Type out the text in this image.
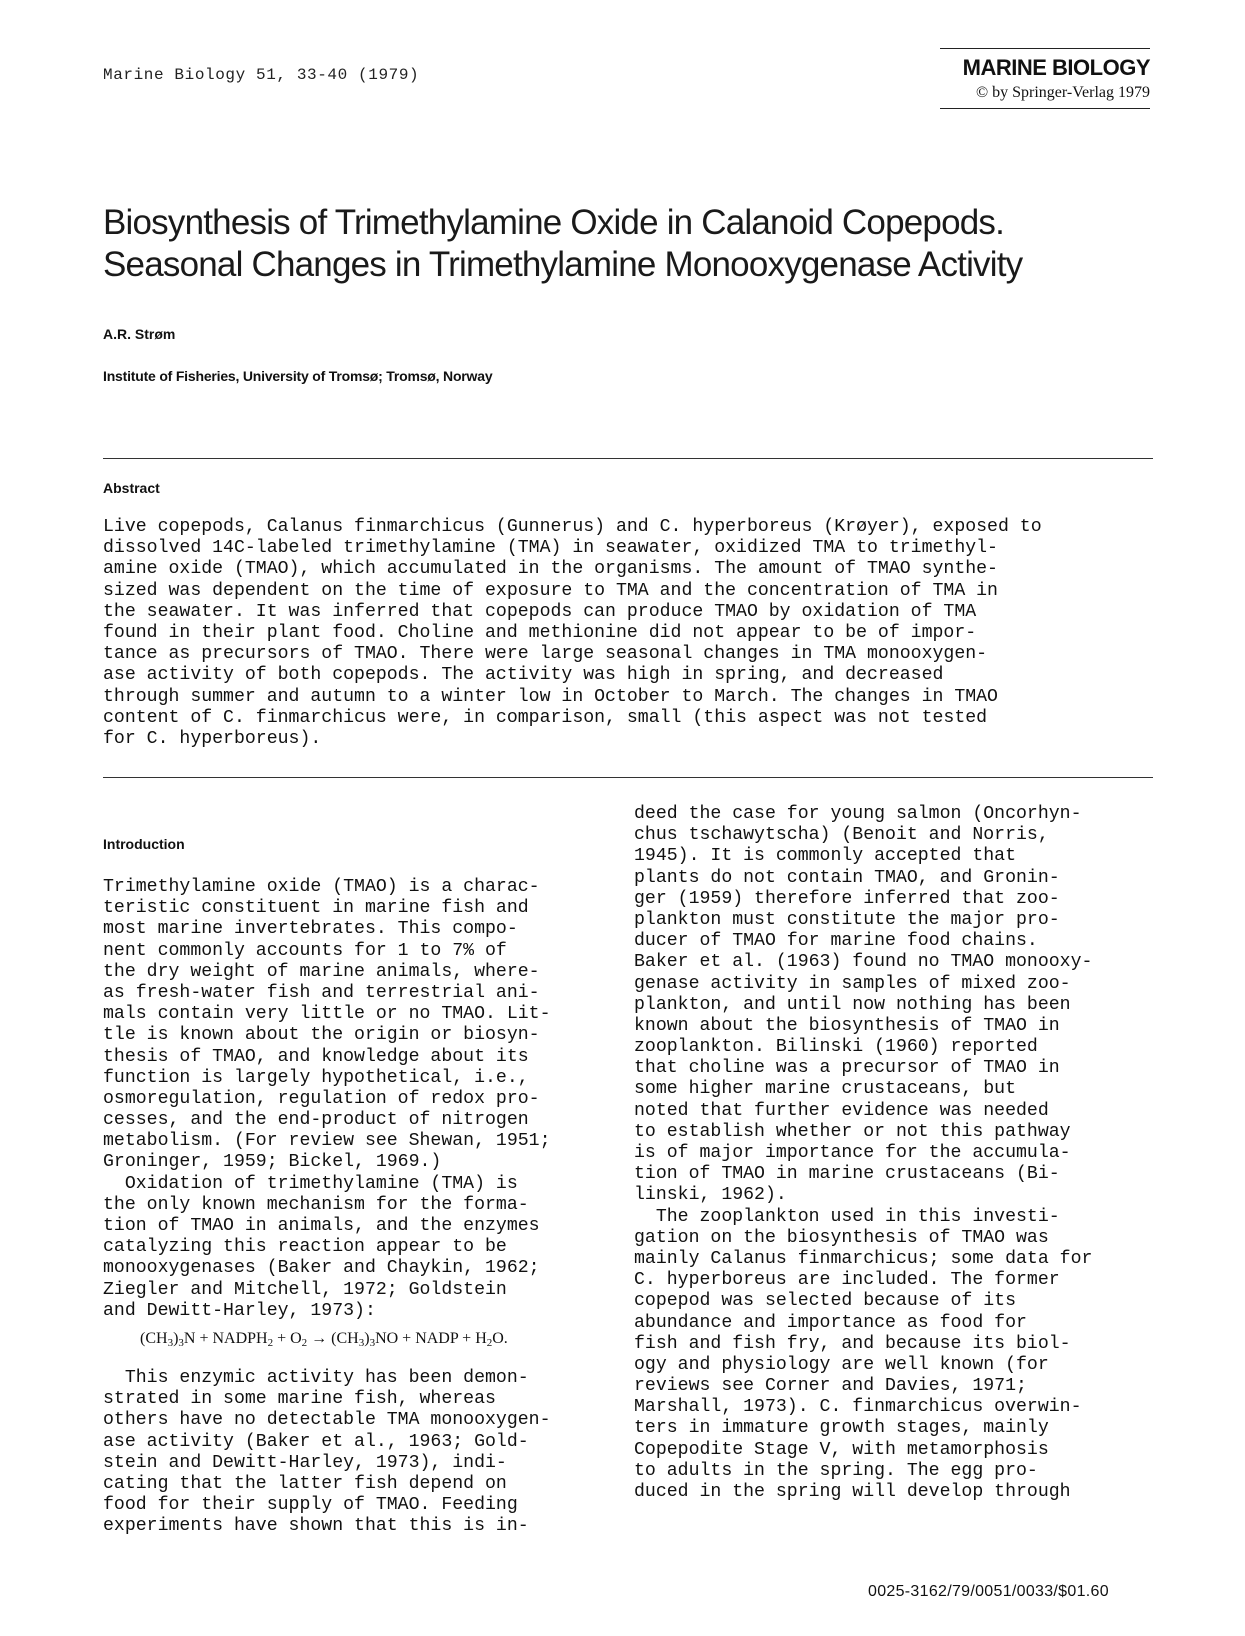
Marine Biology 51, 33-40 (1979)	MARINE BIOLOGY
© by Springer-Verlag 1979
Biosynthesis of Trimethylamine Oxide in Calanoid Copepods.
Seasonal Changes in Trimethylamine Monooxygenase Activity
A.R. Strøm
Institute of Fisheries, University of Tromsø; Tromsø, Norway
Abstract
Live copepods, Calanus finmarchicus (Gunnerus) and C. hyperboreus (Krøyer), exposed to
dissolved 14C-labeled trimethylamine (TMA) in seawater, oxidized TMA to trimethyl-
amine oxide (TMAO), which accumulated in the organisms. The amount of TMAO synthe-
sized was dependent on the time of exposure to TMA and the concentration of TMA in
the seawater. It was inferred that copepods can produce TMAO by oxidation of TMA
found in their plant food. Choline and methionine did not appear to be of impor-
tance as precursors of TMAO. There were large seasonal changes in TMA monooxygen-
ase activity of both copepods. The activity was high in spring, and decreased
through summer and autumn to a winter low in October to March. The changes in TMAO
content of C. finmarchicus were, in comparison, small (this aspect was not tested
for C. hyperboreus).
Introduction
Trimethylamine oxide (TMAO) is a charac-
teristic constituent in marine fish and
most marine invertebrates. This compo-
nent commonly accounts for 1 to 7% of
the dry weight of marine animals, where-
as fresh-water fish and terrestrial ani-
mals contain very little or no TMAO. Lit-
tle is known about the origin or biosyn-
thesis of TMAO, and knowledge about its
function is largely hypothetical, i.e.,
osmoregulation, regulation of redox pro-
cesses, and the end-product of nitrogen
metabolism. (For review see Shewan, 1951;
Groninger, 1959; Bickel, 1969.)
Oxidation of trimethylamine (TMA) is
the only known mechanism for the forma-
tion of TMAO in animals, and the enzymes
catalyzing this reaction appear to be
monooxygenases (Baker and Chaykin, 1962;
Ziegler and Mitchell, 1972; Goldstein
and Dewitt-Harley, 1973):
$(CH_3)_3N$ + $NADPH_2 + O_2 \to (CH_3)_3NO$ + NADP + $H_2O$.
This enzymic activity has been demon-
strated in some marine fish, whereas
others have no detectable TMA monooxygen-
ase activity (Baker et al., 1963; Gold-
stein and Dewitt-Harley, 1973), indi-
cating that the latter fish depend on
food for their supply of TMAO. Feeding
experiments have shown that this is in-
deed the case for young salmon (Oncorhyn-
chus tschawytscha) (Benoit and Norris,
1945). It is commonly accepted that
plants do not contain TMAO, and Gronin-
ger (1959) therefore inferred that zoo-
plankton must constitute the major pro-
ducer of TMAO for marine food chains.
Baker et al. (1963) found no TMAO monooxy-
genase activity in samples of mixed zoo-
plankton, and until now nothing has been
known about the biosynthesis of TMAO in
zooplankton. Bilinski (1960) reported
that choline was a precursor of TMAO in
some higher marine crustaceans, but
noted that further evidence was needed
to establish whether or not this pathway
is of major importance for the accumula-
tion of TMAO in marine crustaceans (Bi-
linski, 1962).
The zooplankton used in this investi-
gation on the biosynthesis of TMAO was
mainly Calanus finmarchicus; some data for
C. hyperboreus are included. The former
copepod was selected because of its
abundance and importance as food for
fish and fish fry, and because its biol-
ogy and physiology are well known (for
reviews see Corner and Davies, 1971;
Marshall, 1973). C. finmarchicus overwin-
ters in immature growth stages, mainly
Copepodite Stage V, with metamorphosis
to adults in the spring. The egg pro-
duced in the spring will develop through
0025-3162/79/0051/0033/$01.60
